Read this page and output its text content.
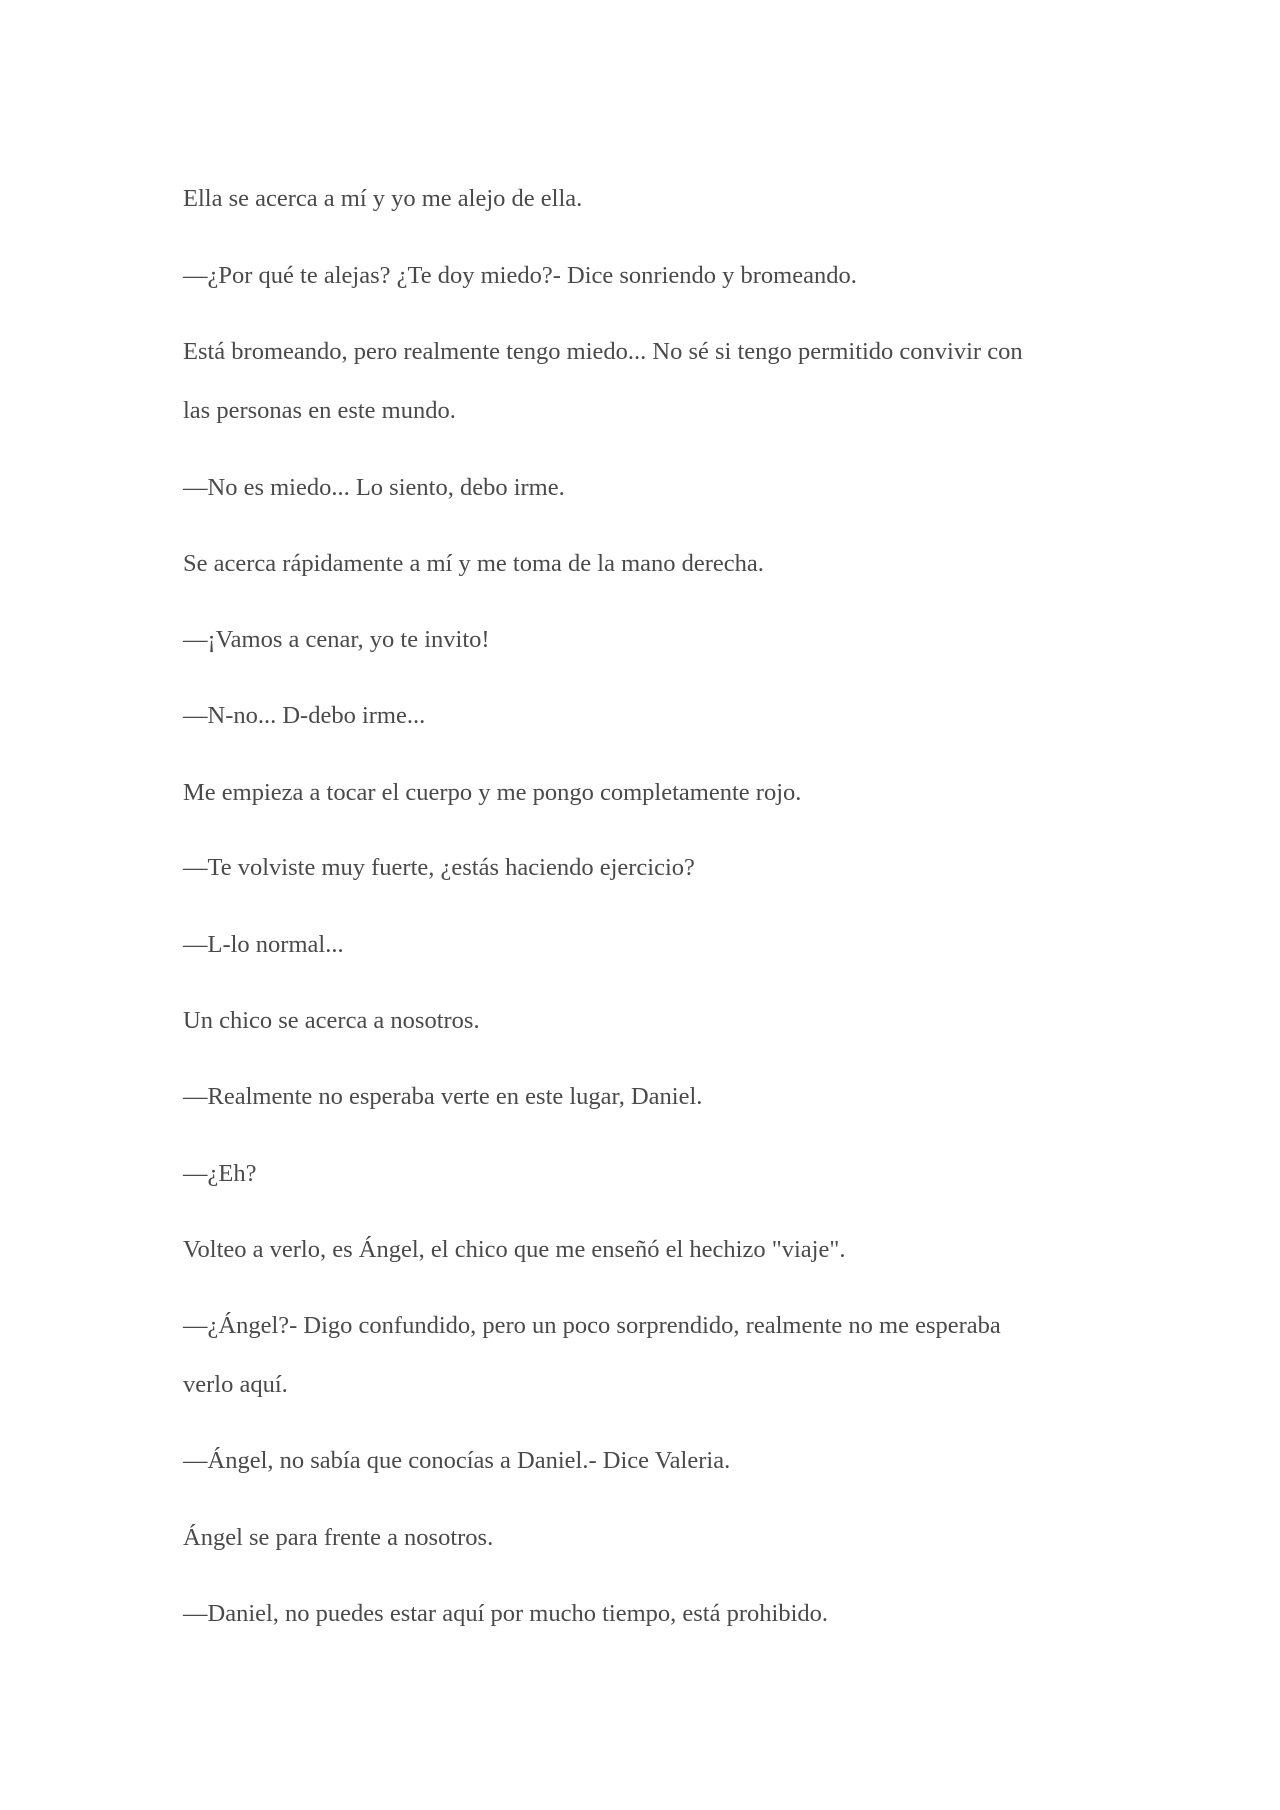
Ella se acerca a mí y yo me alejo de ella.

—¿Por qué te alejas? ¿Te doy miedo?- Dice sonriendo y bromeando.

Está bromeando, pero realmente tengo miedo... No sé si tengo permitido convivir con

las personas en este mundo.

—No es miedo... Lo siento, debo irme.

Se acerca rápidamente a mí y me toma de la mano derecha.

—¡Vamos a cenar, yo te invito!

—N-no... D-debo irme...

Me empieza a tocar el cuerpo y me pongo completamente rojo.

—Te volviste muy fuerte, ¿estás haciendo ejercicio?

—L-lo normal...

Un chico se acerca a nosotros.

—Realmente no esperaba verte en este lugar, Daniel.

—¿Eh?

Volteo a verlo, es Ángel, el chico que me enseñó el hechizo "viaje".

—¿Ángel?- Digo confundido, pero un poco sorprendido, realmente no me esperaba

verlo aquí.

—Ángel, no sabía que conocías a Daniel.- Dice Valeria.

Ángel se para frente a nosotros.

—Daniel, no puedes estar aquí por mucho tiempo, está prohibido.
